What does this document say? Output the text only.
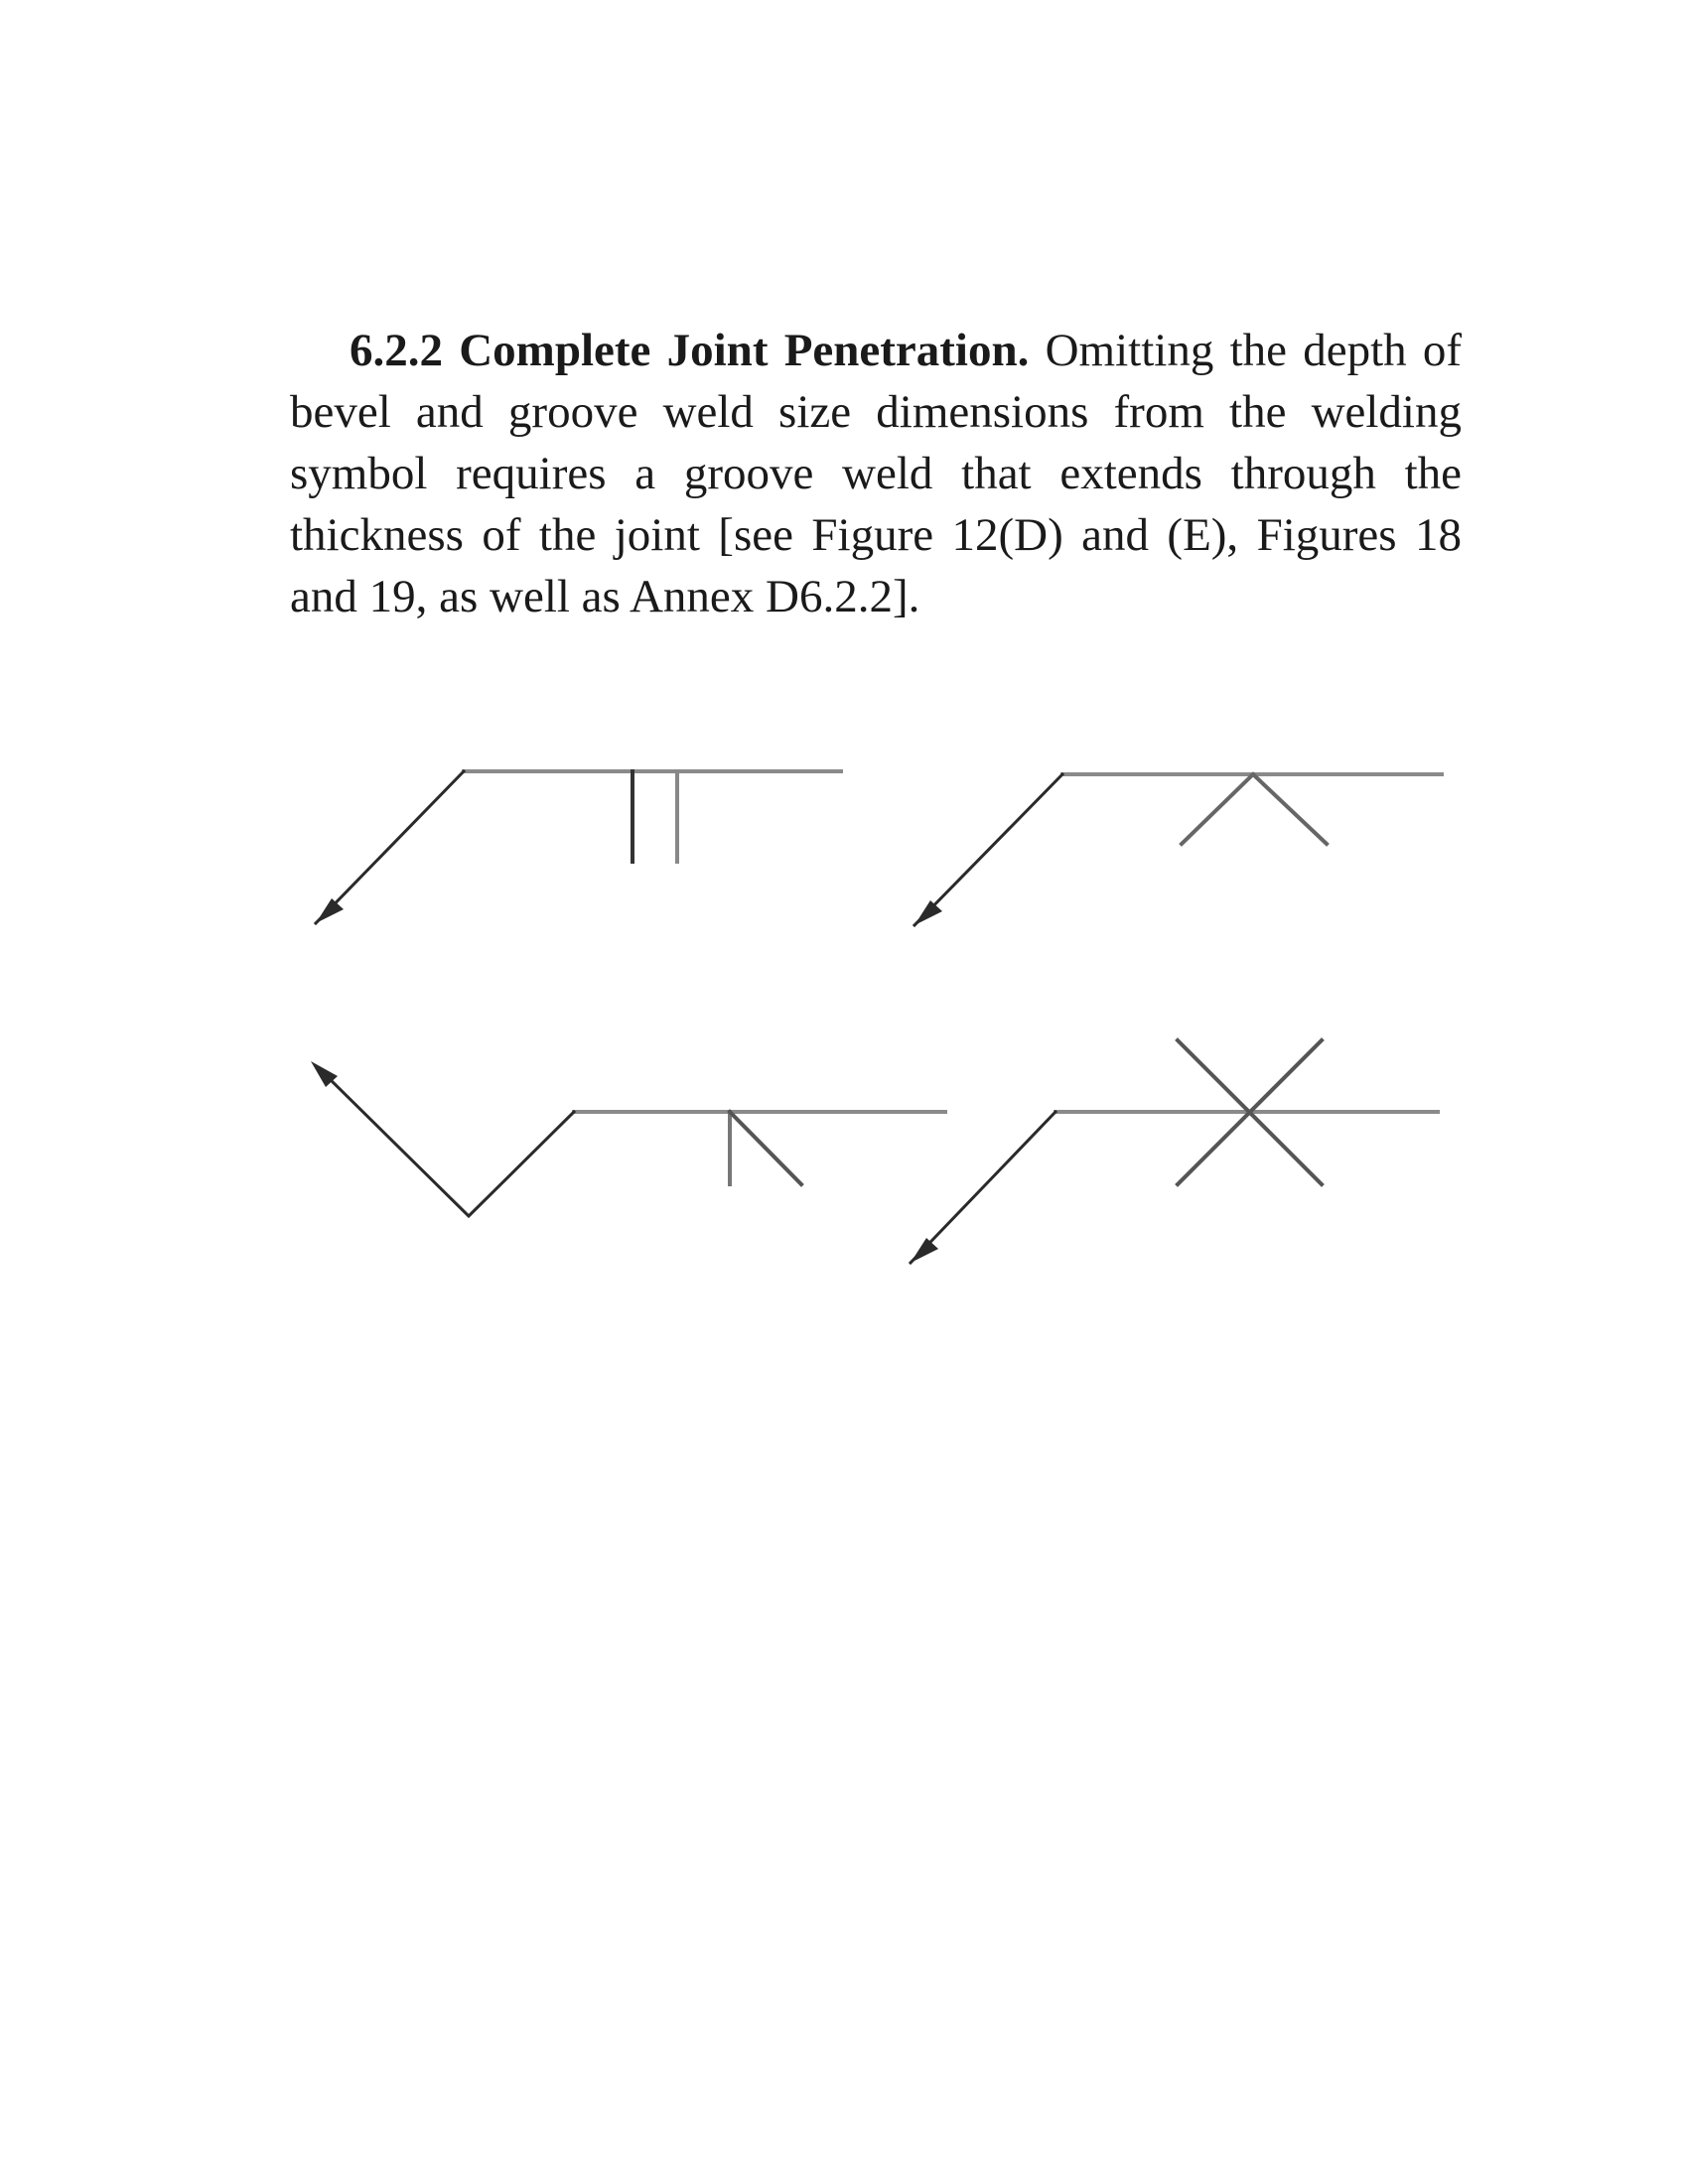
6.2.2 Complete Joint Penetration. Omitting the depth of bevel and groove weld size dimensions from the welding symbol requires a groove weld that extends through the thickness of the joint [see Figure 12(D) and (E), Figures 18 and 19, as well as Annex D6.2.2].
